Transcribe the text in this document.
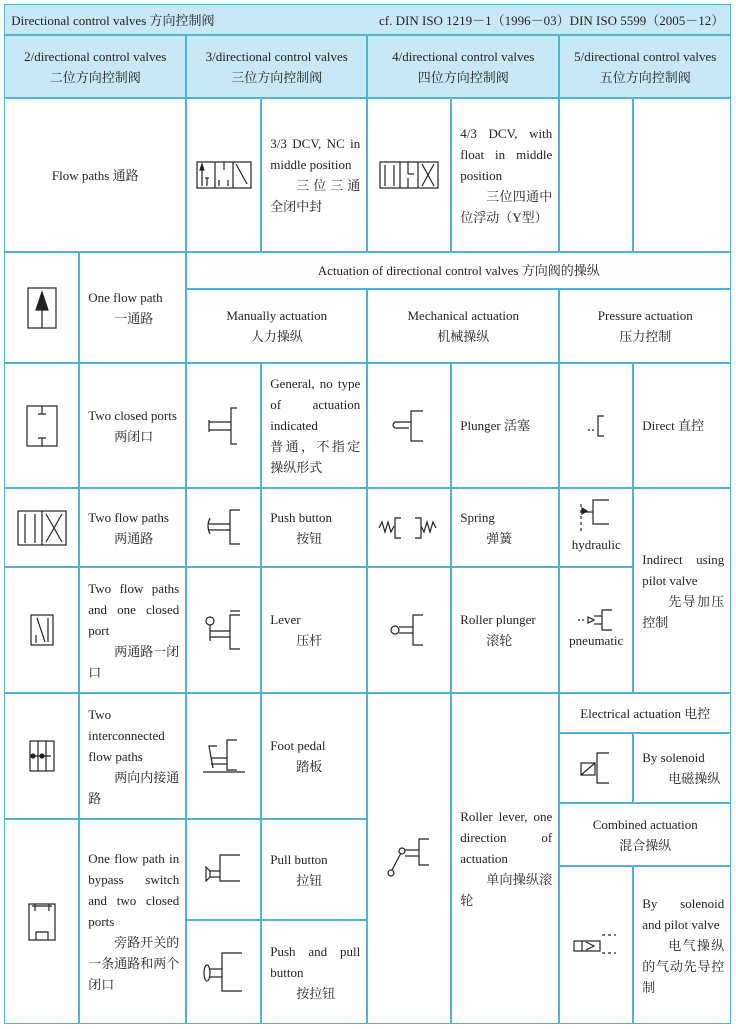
Directional control valves 方向控制阀	cf. DIN ISO 1219－1（1996－03）DIN ISO 5599（2005－12）
2/directional control valves
二位方向控制阀
3/directional control valves
三位方向控制阀
4/directional control valves
四位方向控制阀
5/directional control valves
五位方向控制阀
Flow paths 通路
3/3 DCV, NC in middle position
三位三通全闭中封
4/3 DCV, with float in middle position
三位四通中位浮动（Y型）
One flow path
一通路
Two closed ports
两闭口
Two flow paths
两通路
Two flow paths and one closed port
两通路一闭口
Two interconnected flow paths
两向内接通路
One flow path in bypass switch and two closed ports
旁路开关的一条通路和两个闭口
Actuation of directional control valves 方向阀的操纵
Manually actuation
人力操纵
Mechanical actuation
机械操纵
Pressure actuation
压力控制
General, no type of actuation indicated
普通，不指定操纵形式
Push button
按钮
Lever
压杆
Foot pedal
踏板
Pull button
拉钮
Push and pull button
按拉钮
Plunger 活塞
Spring
弹簧
Roller plunger
滚轮
Roller lever, one direction of actuation
单向操纵滚轮
Direct 直控
hydraulic
pneumatic
Indirect using pilot valve
先导加压控制
Electrical actuation 电控
By solenoid
电磁操纵
Combined actuation
混合操纵
By solenoid and pilot valve
电气操纵的气动先导控制
